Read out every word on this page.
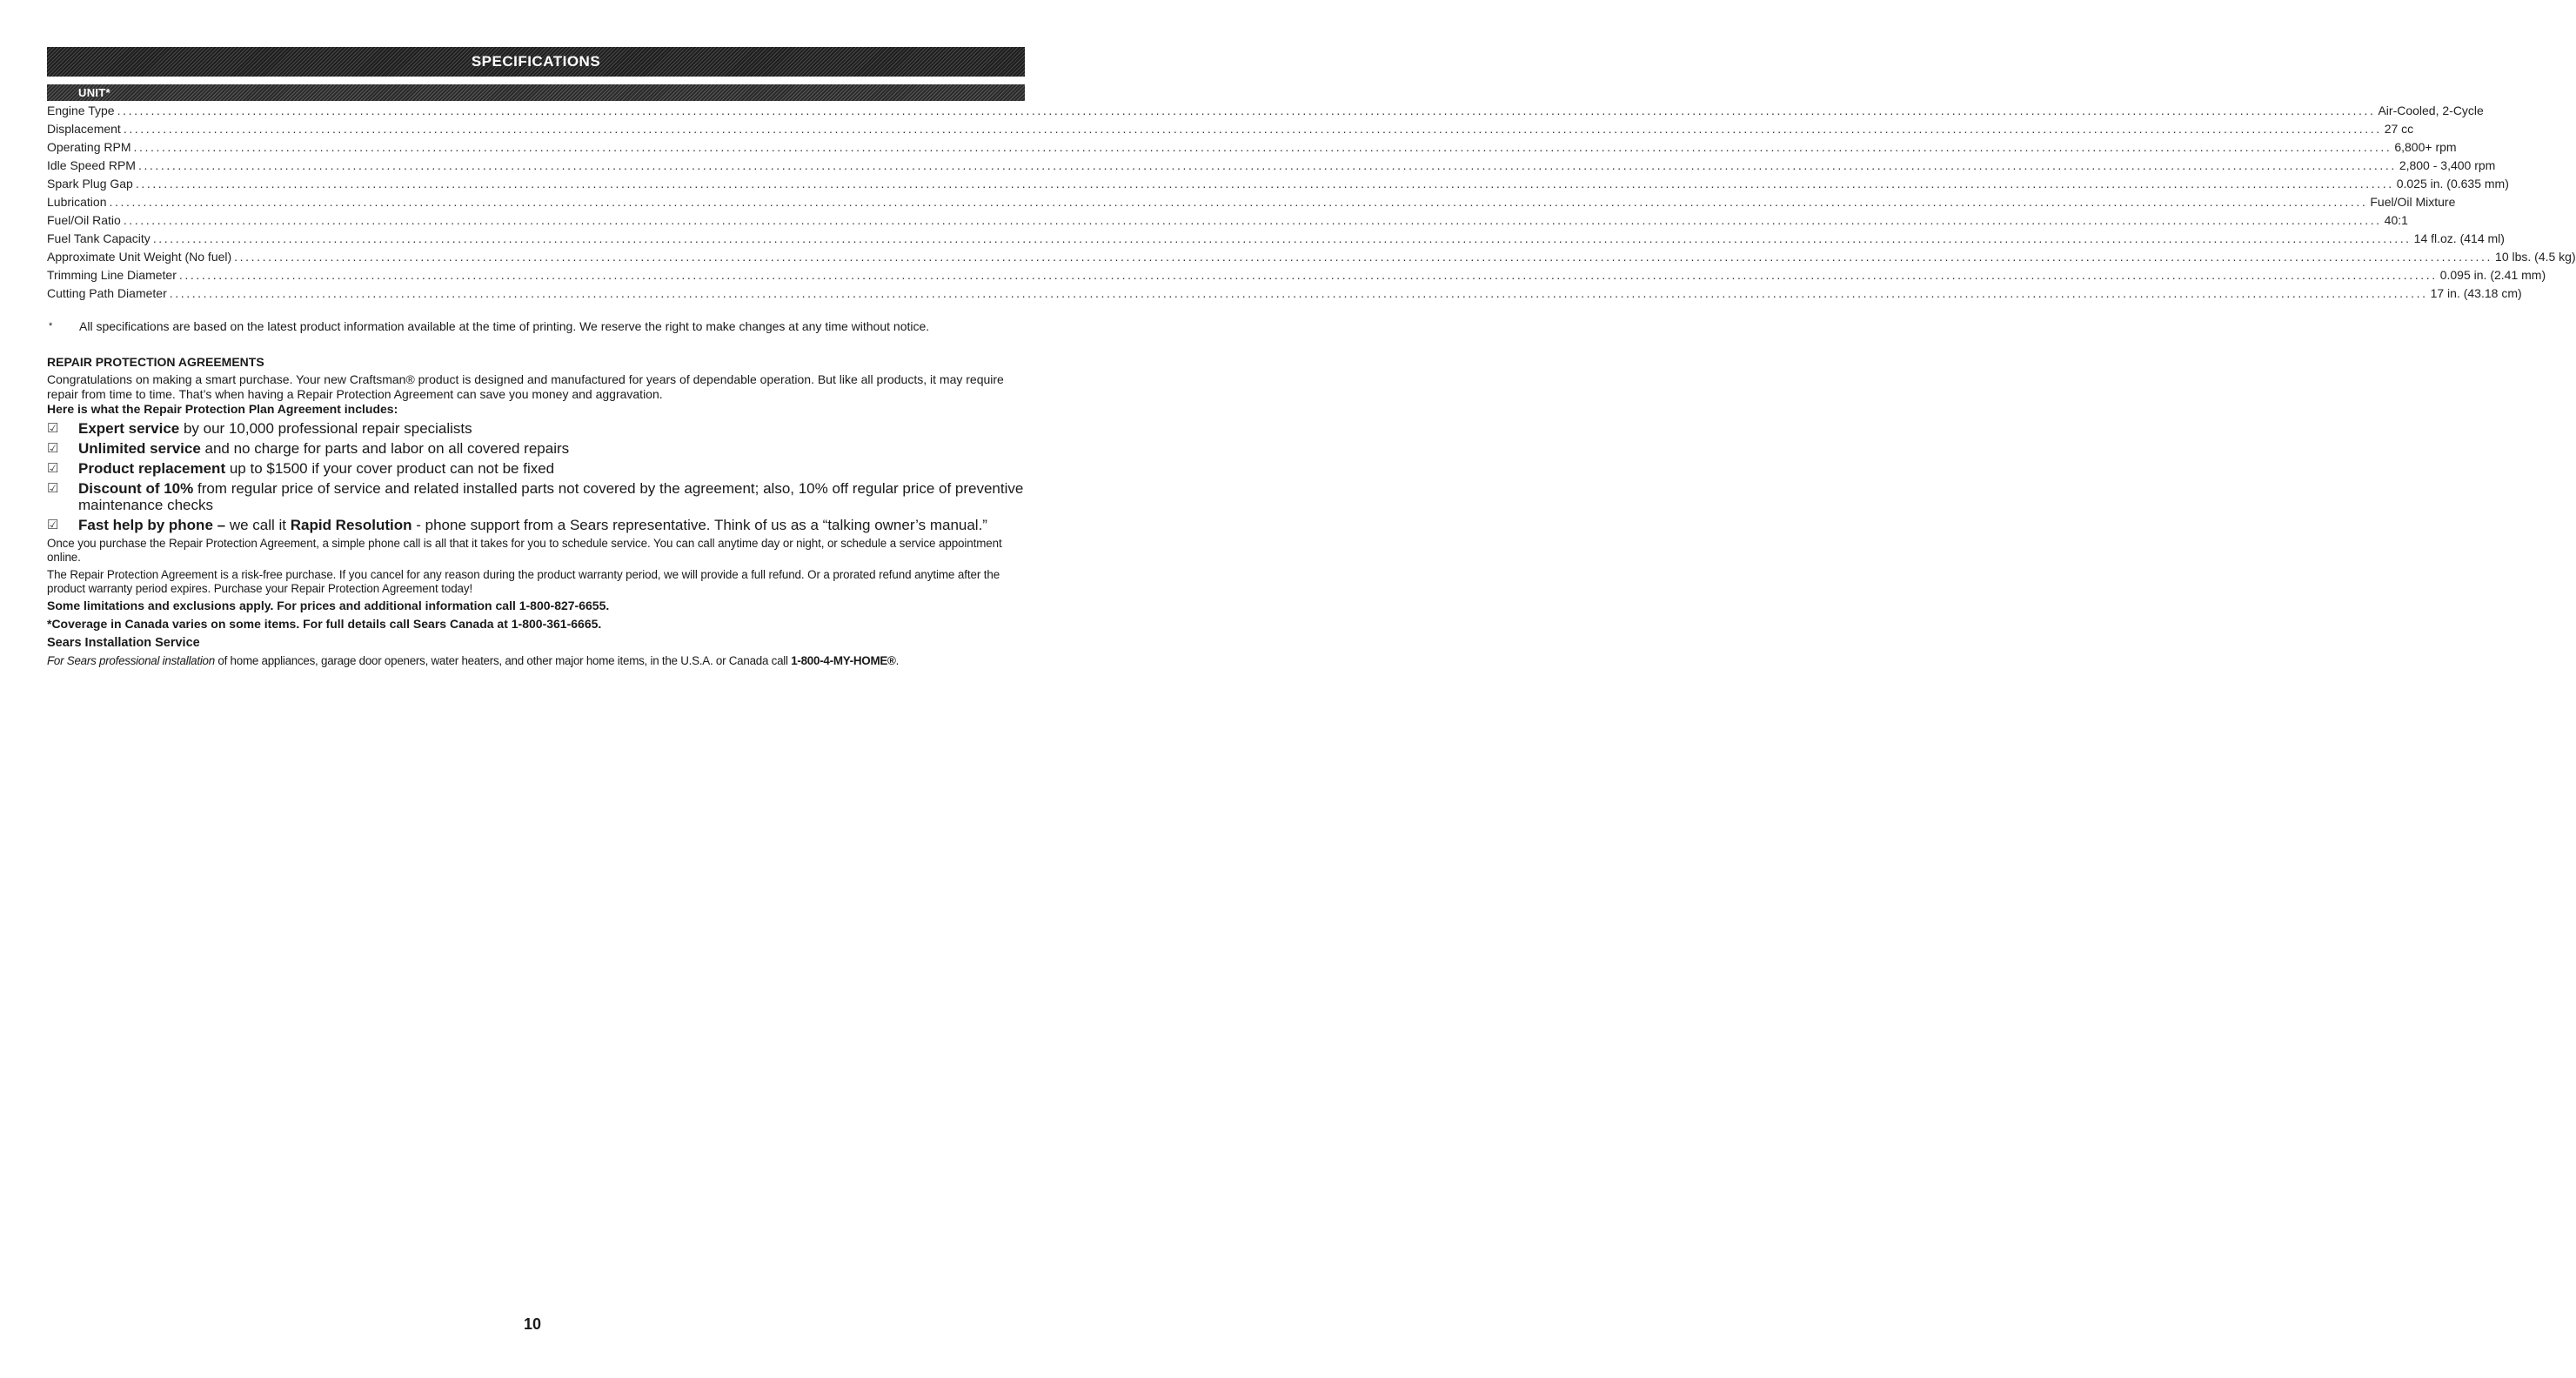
SPECIFICATIONS
UNIT*
Engine Type ................................................................................................................................................................................................................................................................................................................................................................................................................ Air-Cooled, 2-Cycle
Displacement ................................................................................................................................................................................................................................................................................................................................................................................................................ 27 cc
Operating RPM ................................................................................................................................................................................................................................................................................................................................................................................................................ 6,800+ rpm
Idle Speed RPM ................................................................................................................................................................................................................................................................................................................................................................................................................ 2,800 - 3,400 rpm
Spark Plug Gap ................................................................................................................................................................................................................................................................................................................................................................................................................ 0.025 in. (0.635 mm)
Lubrication ................................................................................................................................................................................................................................................................................................................................................................................................................ Fuel/Oil Mixture
Fuel/Oil Ratio ................................................................................................................................................................................................................................................................................................................................................................................................................ 40:1
Fuel Tank Capacity ................................................................................................................................................................................................................................................................................................................................................................................................................ 14 fl.oz. (414 ml)
Approximate Unit Weight (No fuel) ................................................................................................................................................................................................................................................................................................................................................................................................................ 10 lbs. (4.5 kg)
Trimming Line Diameter ................................................................................................................................................................................................................................................................................................................................................................................................................ 0.095 in. (2.41 mm)
Cutting Path Diameter ................................................................................................................................................................................................................................................................................................................................................................................................................ 17 in. (43.18 cm)
*	All specifications are based on the latest product information available at the time of printing. We reserve the right to make changes at any time without notice.
REPAIR PROTECTION AGREEMENTS
Congratulations on making a smart purchase. Your new Craftsman® product is designed and manufactured for years of dependable operation. But like all products, it may require repair from time to time. That’s when having a Repair Protection Agreement can save you money and aggravation.
Here is what the Repair Protection Plan Agreement includes:
☑	Expert service by our 10,000 professional repair specialists
☑	Unlimited service and no charge for parts and labor on all covered repairs
☑	Product replacement up to $1500 if your cover product can not be fixed
☑	Discount of 10% from regular price of service and related installed parts not covered by the agreement; also, 10% off regular price of preventive maintenance checks
☑	Fast help by phone – we call it Rapid Resolution - phone support from a Sears representative. Think of us as a “talking owner’s manual.”
Once you purchase the Repair Protection Agreement, a simple phone call is all that it takes for you to schedule service. You can call anytime day or night, or schedule a service appointment online.
The Repair Protection Agreement is a risk-free purchase. If you cancel for any reason during the product warranty period, we will provide a full refund. Or a prorated refund anytime after the product warranty period expires. Purchase your Repair Protection Agreement today!
Some limitations and exclusions apply. For prices and additional information call 1-800-827-6655.
*Coverage in Canada varies on some items. For full details call Sears Canada at 1-800-361-6665.
Sears Installation Service
For Sears professional installation of home appliances, garage door openers, water heaters, and other major home items, in the U.S.A. or Canada call 1-800-4-MY-HOME®.
10
